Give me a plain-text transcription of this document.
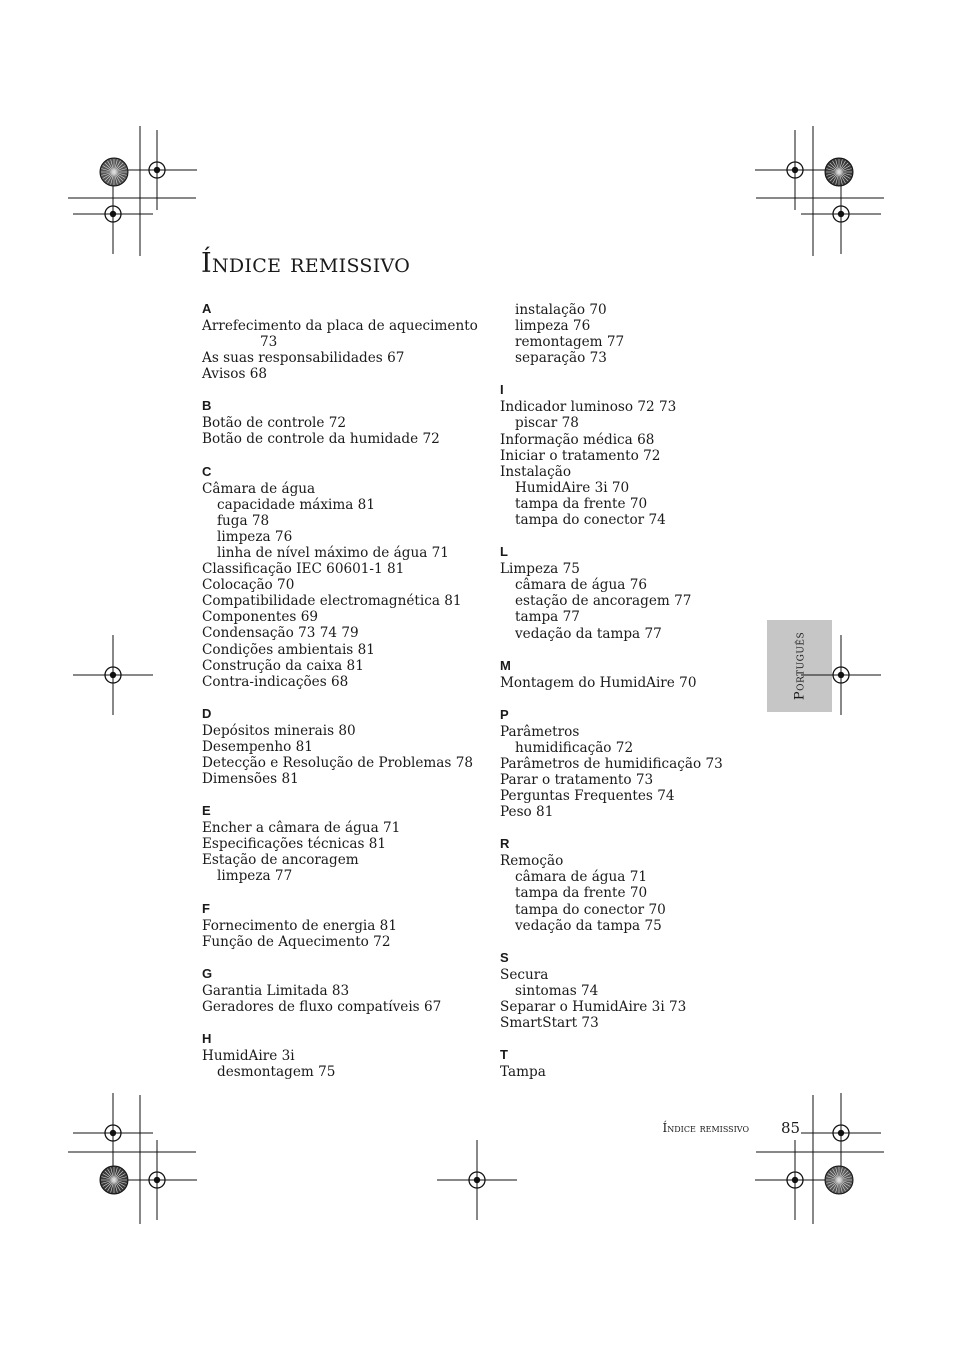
Índice remissivo
A
Arrefecimento da placa de aquecimento
73
As suas responsabilidades 67
Avisos 68
B
Botão de controle 72
Botão de controle da humidade 72
C
Câmara de água
capacidade máxima 81
fuga 78
limpeza 76
linha de nível máximo de água 71
Classificação IEC 60601-1 81
Colocação 70
Compatibilidade electromagnética 81
Componentes 69
Condensação 73 74 79
Condições ambientais 81
Construção da caixa 81
Contra-indicações 68
D
Depósitos minerais 80
Desempenho 81
Detecção e Resolução de Problemas 78
Dimensões 81
E
Encher a câmara de água 71
Especificações técnicas 81
Estação de ancoragem
limpeza 77
F
Fornecimento de energia 81
Função de Aquecimento 72
G
Garantia Limitada 83
Geradores de fluxo compatíveis 67
H
HumidAire 3i
desmontagem 75
instalação 70
limpeza 76
remontagem 77
separação 73
I
Indicador luminoso 72 73
piscar 78
Informação médica 68
Iniciar o tratamento 72
Instalação
HumidAire 3i 70
tampa da frente 70
tampa do conector 74
L
Limpeza 75
câmara de água 76
estação de ancoragem 77
tampa 77
vedação da tampa 77
M
Montagem do HumidAire 70
P
Parâmetros
humidificação 72
Parâmetros de humidificação 73
Parar o tratamento 73
Perguntas Frequentes 74
Peso 81
R
Remoção
câmara de água 71
tampa da frente 70
tampa do conector 70
vedação da tampa 75
S
Secura
sintomas 74
Separar o HumidAire 3i 73
SmartStart 73
T
Tampa
Português
Índice remissivo 85
